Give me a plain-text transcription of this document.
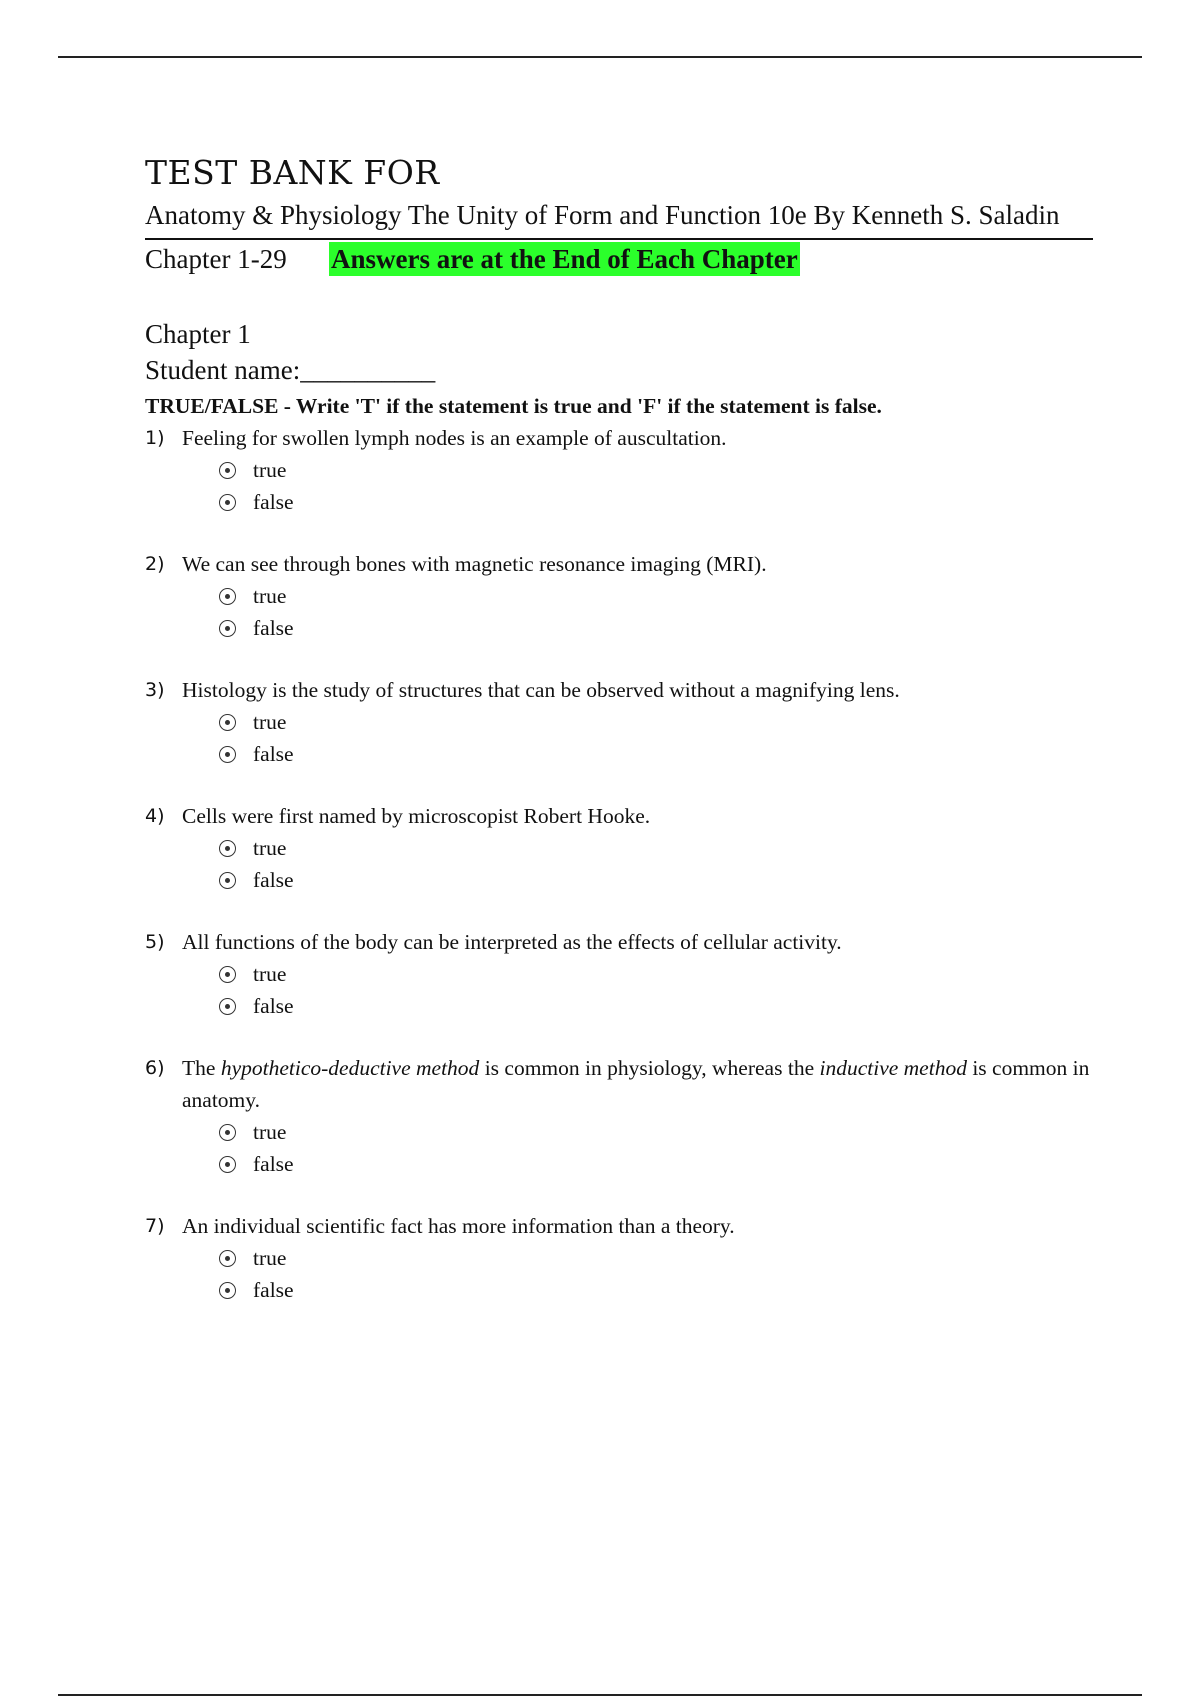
TEST BANK FOR

Anatomy & Physiology The Unity of Form and Function 10e By Kenneth S. Saladin

Chapter 1-29	Answers are at the End of Each Chapter
Chapter 1
Student name:__________
TRUE/FALSE - Write 'T' if the statement is true and 'F' if the statement is false.
1) Feeling for swollen lymph nodes is an example of auscultation.
true
false
2) We can see through bones with magnetic resonance imaging (MRI).
true
false
3) Histology is the study of structures that can be observed without a magnifying lens.
true
false
4) Cells were first named by microscopist Robert Hooke.
true
false
5) All functions of the body can be interpreted as the effects of cellular activity.
true
false
6) The hypothetico-deductive method is common in physiology, whereas the inductive method is common in anatomy.
true
false
7) An individual scientific fact has more information than a theory.
true
false
